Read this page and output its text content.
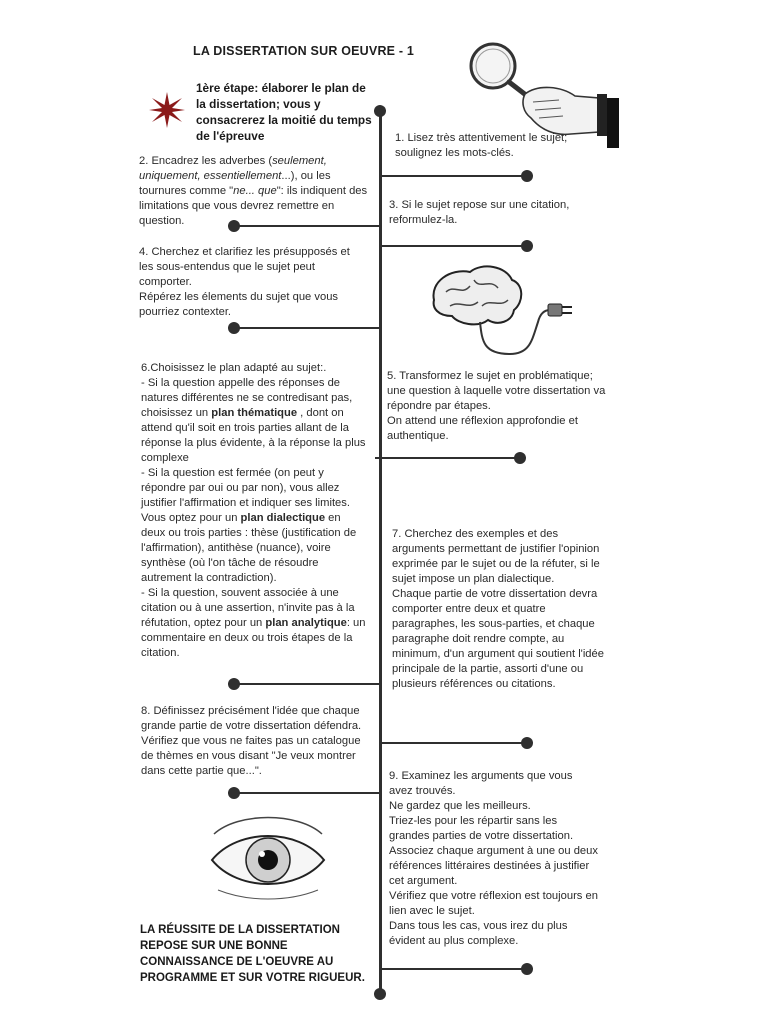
LA DISSERTATION SUR OEUVRE - 1
1ère étape: élaborer le plan de la dissertation; vous y consacrerez la moitié du temps de l'épreuve	1. Lisez très attentivement le sujet; soulignez les mots-clés.

2. Encadrez les adverbes (seulement, uniquement, essentiellement...), ou les tournures comme "ne... que": ils indiquent des limitations que vous devrez remettre en question.

3. Si le sujet repose sur une citation, reformulez-la.

4. Cherchez et clarifiez les présupposés et les sous-entendus que le sujet peut comporter.

Répérez les élements du sujet que vous pourriez contexter.

5. Transformez le sujet en problématique; une question à laquelle votre dissertation va répondre par étapes.

On attend une réflexion approfondie et authentique.

6.Choisissez le plan adapté au sujet:.

- Si la question appelle des réponses de natures différentes ne se contredisant pas, choisissez un plan thématique , dont on attend qu'il soit en trois parties allant de la réponse la plus évidente, à la réponse la plus complexe

- Si la question est fermée (on peut y répondre par oui ou par non), vous allez justifier l'affirmation et indiquer ses limites.

Vous optez pour un plan dialectique en deux ou trois parties : thèse (justification de l'affirmation), antithèse (nuance), voire synthèse (où l'on tâche de résoudre autrement la contradiction).

- Si la question, souvent associée à une citation ou à une assertion, n'invite pas à la réfutation, optez pour un plan analytique: un commentaire en deux ou trois étapes de la citation.

7. Cherchez des exemples et des arguments permettant de justifier l'opinion exprimée par le sujet ou de la réfuter, si le sujet impose un plan dialectique.

Chaque partie de votre dissertation devra comporter entre deux et quatre paragraphes, les sous-parties, et chaque paragraphe doit rendre compte, au minimum, d'un argument qui soutient l'idée principale de la partie, assorti d'une ou plusieurs références ou citations.

8. Définissez précisément l'idée que chaque grande partie de votre dissertation défendra.

Vérifiez que vous ne faites pas un catalogue de thèmes en vous disant "Je veux montrer dans cette partie que...".	9. Examinez les arguments que vous avez trouvés.

Ne gardez que les meilleurs.

Triez-les pour les répartir sans les grandes parties de votre dissertation.

Associez chaque argument à une ou deux références littéraires destinées à justifier cet argument.

Vérifiez que votre réflexion est toujours en lien avec le sujet.

Dans tous les cas, vous irez du plus évident au plus complexe.

LA RÉUSSITE DE LA DISSERTATION REPOSE SUR UNE BONNE CONNAISSANCE DE L'OEUVRE AU PROGRAMME ET SUR VOTRE RIGUEUR.
